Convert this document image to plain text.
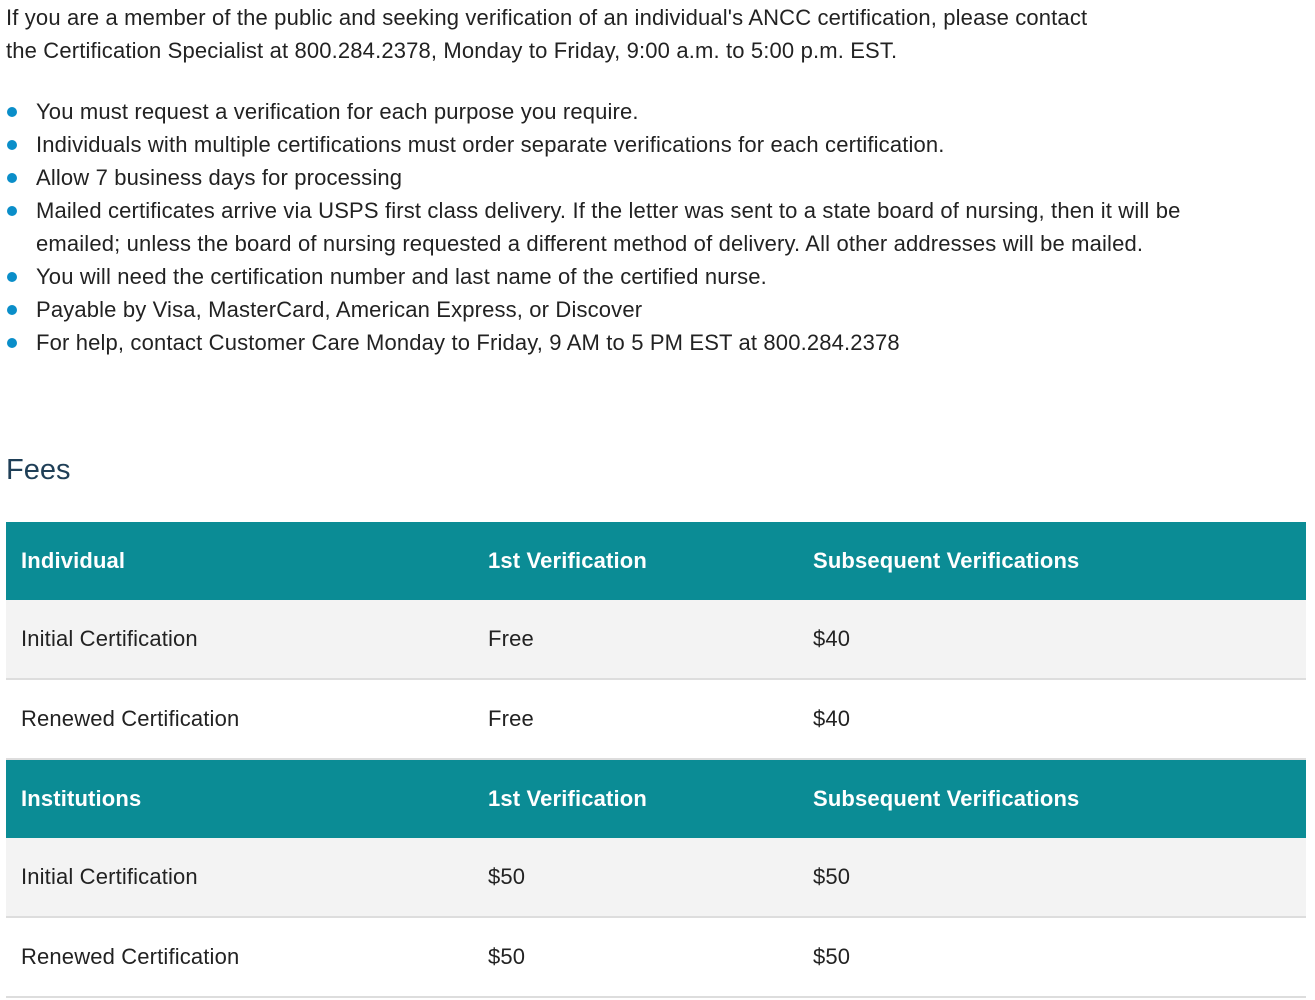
If you are a member of the public and seeking verification of an individual's ANCC certification, please contact
the Certification Specialist at 800.284.2378, Monday to Friday, 9:00 a.m. to 5:00 p.m. EST.

You must request a verification for each purpose you require.
Individuals with multiple certifications must order separate verifications for each certification.
Allow 7 business days for processing
Mailed certificates arrive via USPS first class delivery. If the letter was sent to a state board of nursing, then it will be
emailed; unless the board of nursing requested a different method of delivery. All other addresses will be mailed.
You will need the certification number and last name of the certified nurse.
Payable by Visa, MasterCard, American Express, or Discover
For help, contact Customer Care Monday to Friday, 9 AM to 5 PM EST at 800.284.2378
Fees
Individual	1st Verification	Subsequent Verifications
Initial Certification	Free	$40
Renewed Certification	Free	$40
Institutions	1st Verification	Subsequent Verifications
Initial Certification	$50	$50
Renewed Certification	$50	$50
